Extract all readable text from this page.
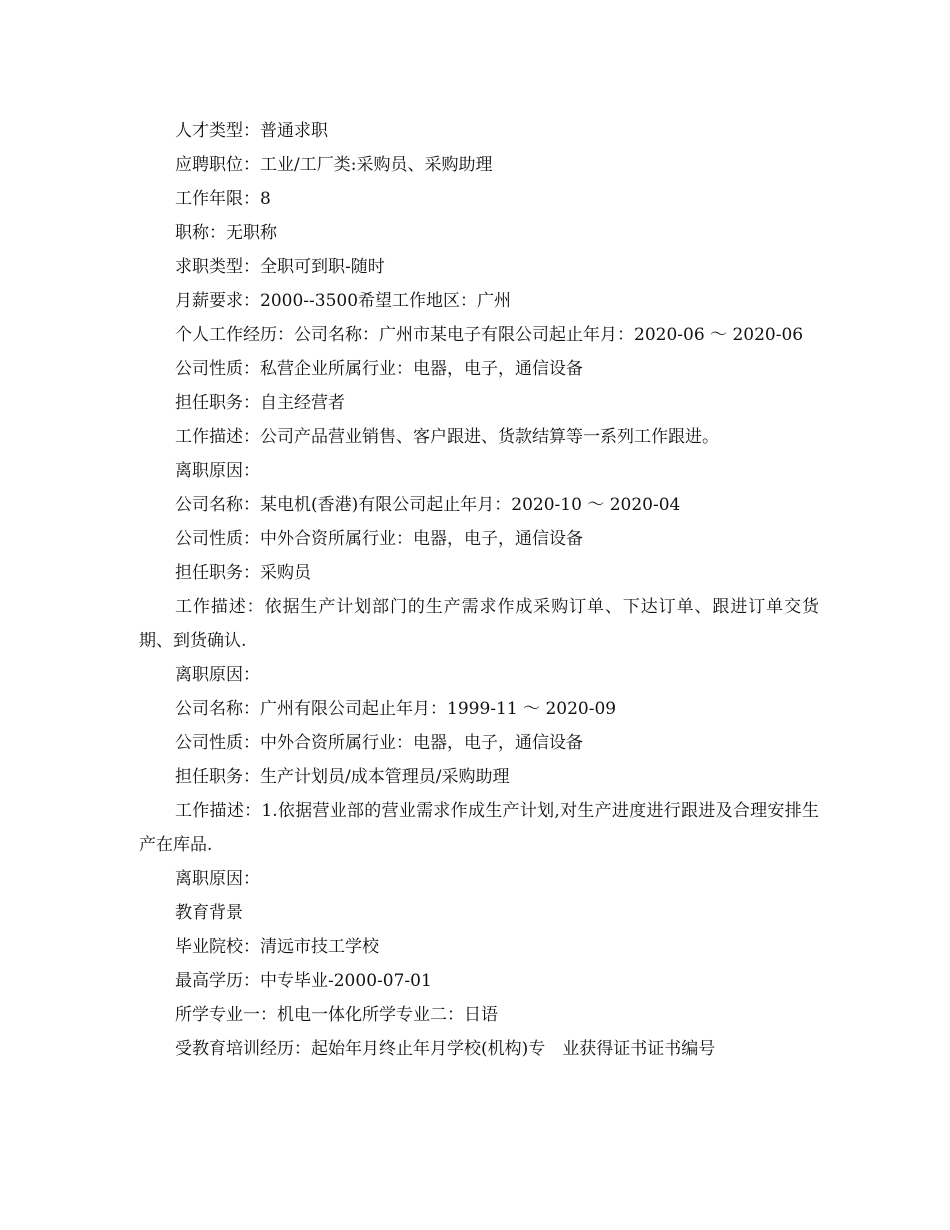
人才类型：普通求职
应聘职位：工业/工厂类:采购员、采购助理
工作年限：8
职称：无职称
求职类型：全职可到职-随时
月薪要求：2000--3500希望工作地区：广州
个人工作经历：公司名称：广州市某电子有限公司起止年月：2020-06 ～ 2020-06
公司性质：私营企业所属行业：电器，电子，通信设备
担任职务：自主经营者
工作描述：公司产品营业销售、客户跟进、货款结算等一系列工作跟进。
离职原因：
公司名称：某电机(香港)有限公司起止年月：2020-10 ～ 2020-04
公司性质：中外合资所属行业：电器，电子，通信设备
担任职务：采购员
工作描述：依据生产计划部门的生产需求作成采购订单、下达订单、跟进订单交货期、到货确认.
离职原因：
公司名称：广州有限公司起止年月：1999-11 ～ 2020-09
公司性质：中外合资所属行业：电器，电子，通信设备
担任职务：生产计划员/成本管理员/采购助理
工作描述：1.依据营业部的营业需求作成生产计划,对生产进度进行跟进及合理安排生产在库品.
离职原因：
教育背景
毕业院校：清远市技工学校
最高学历：中专毕业-2000-07-01
所学专业一：机电一体化所学专业二：日语
受教育培训经历：起始年月终止年月学校(机构)专　业获得证书证书编号
